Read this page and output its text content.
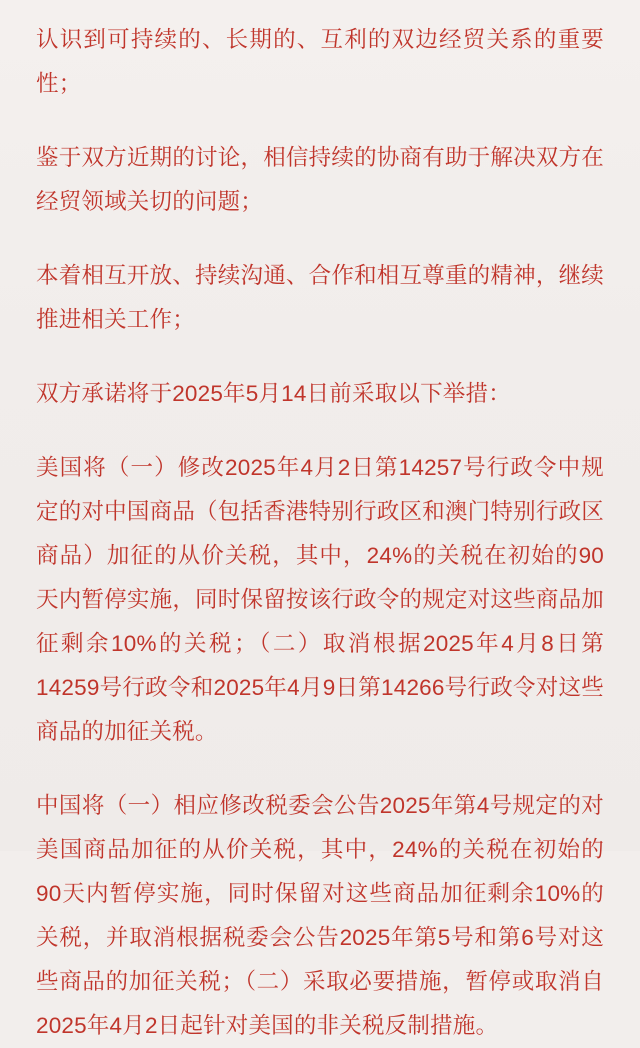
认识到可持续的、长期的、互利的双边经贸关系的重要性；

鉴于双方近期的讨论，相信持续的协商有助于解决双方在经贸领域关切的问题；

本着相互开放、持续沟通、合作和相互尊重的精神，继续推进相关工作；

双方承诺将于2025年5月14日前采取以下举措：

美国将（一）修改2025年4月2日第14257号行政令中规定的对中国商品（包括香港特别行政区和澳门特别行政区商品）加征的从价关税，其中，24%的关税在初始的90天内暂停实施，同时保留按该行政令的规定对这些商品加征剩余10%的关税；（二）取消根据2025年4月8日第14259号行政令和2025年4月9日第14266号行政令对这些商品的加征关税。

中国将（一）相应修改税委会公告2025年第4号规定的对美国商品加征的从价关税，其中，24%的关税在初始的90天内暂停实施，同时保留对这些商品加征剩余10%的关税，并取消根据税委会公告2025年第5号和第6号对这些商品的加征关税；（二）采取必要措施，暂停或取消自2025年4月2日起针对美国的非关税反制措施。
